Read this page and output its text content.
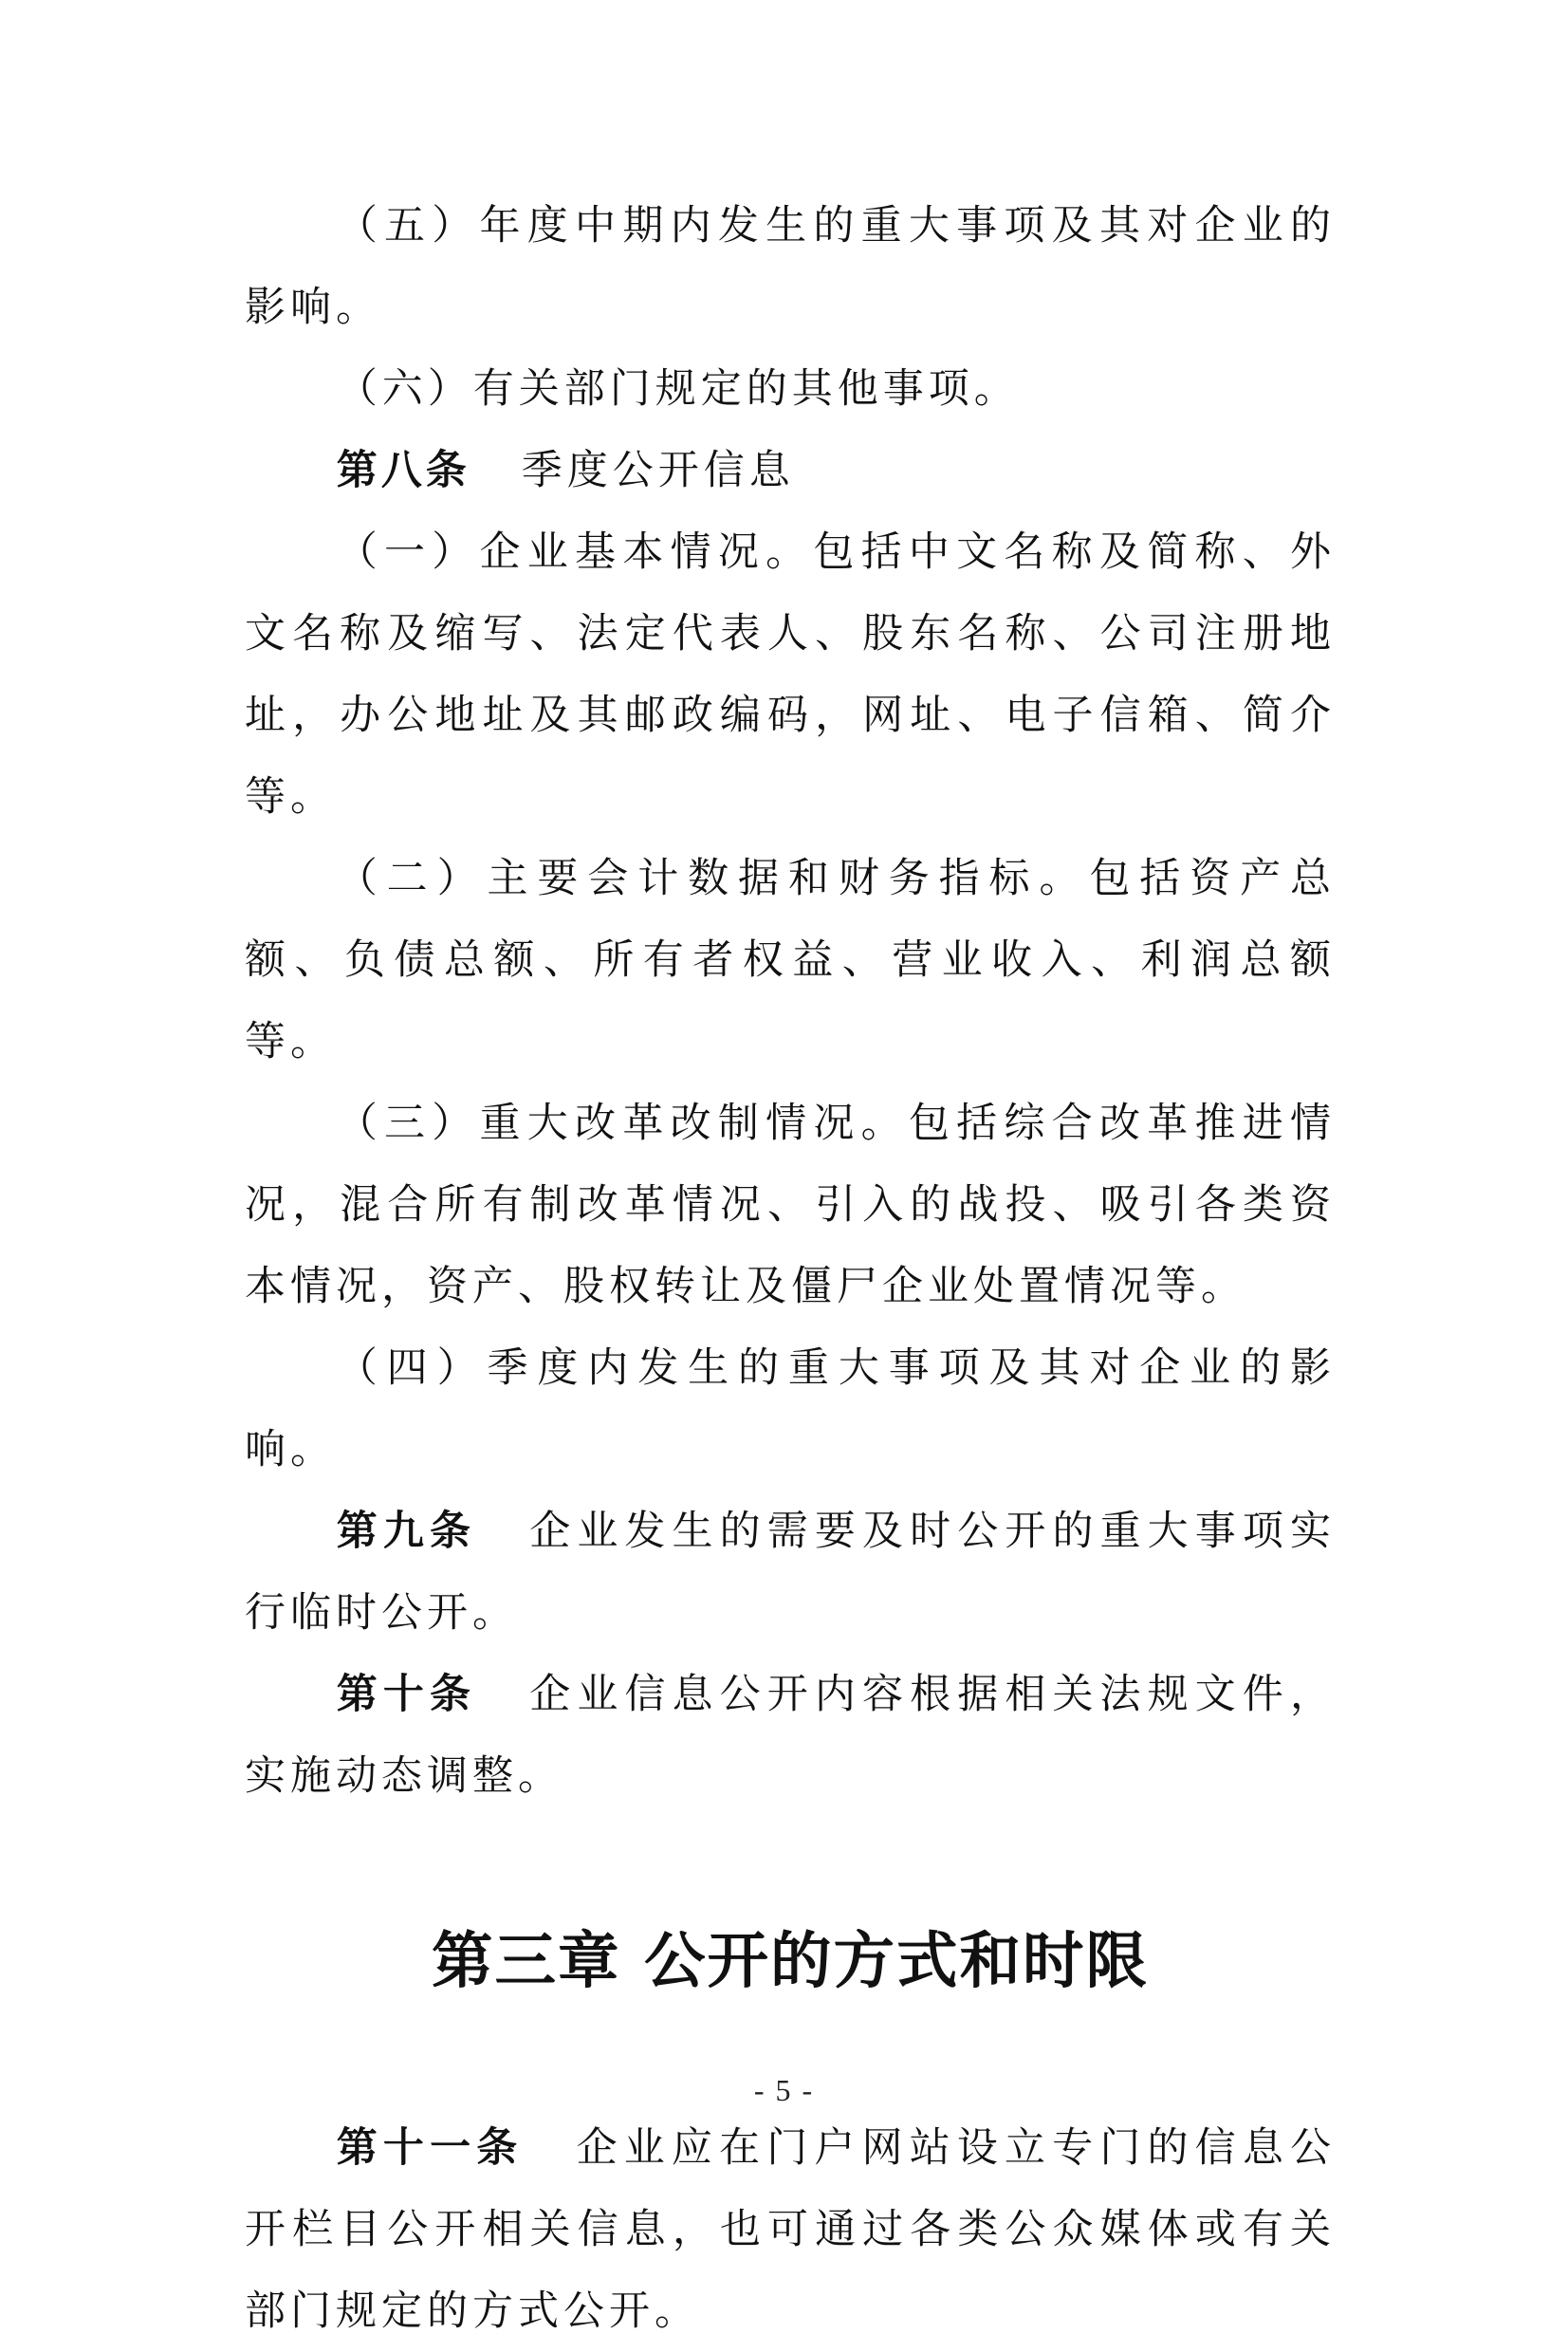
（五）年度中期内发生的重大事项及其对企业的影响。

（六）有关部门规定的其他事项。

第八条 季度公开信息

（一）企业基本情况。包括中文名称及简称、外文名称及缩写、法定代表人、股东名称、公司注册地址，办公地址及其邮政编码，网址、电子信箱、简介等。

（二）主要会计数据和财务指标。包括资产总额、负债总额、所有者权益、营业收入、利润总额等。

（三）重大改革改制情况。包括综合改革推进情况，混合所有制改革情况、引入的战投、吸引各类资本情况，资产、股权转让及僵尸企业处置情况等。

（四）季度内发生的重大事项及其对企业的影响。

第九条 企业发生的需要及时公开的重大事项实行临时公开。

第十条 企业信息公开内容根据相关法规文件，实施动态调整。

第三章 公开的方式和时限

第十一条 企业应在门户网站设立专门的信息公开栏目公开相关信息，也可通过各类公众媒体或有关部门规定的方式公开。

- 5 -
